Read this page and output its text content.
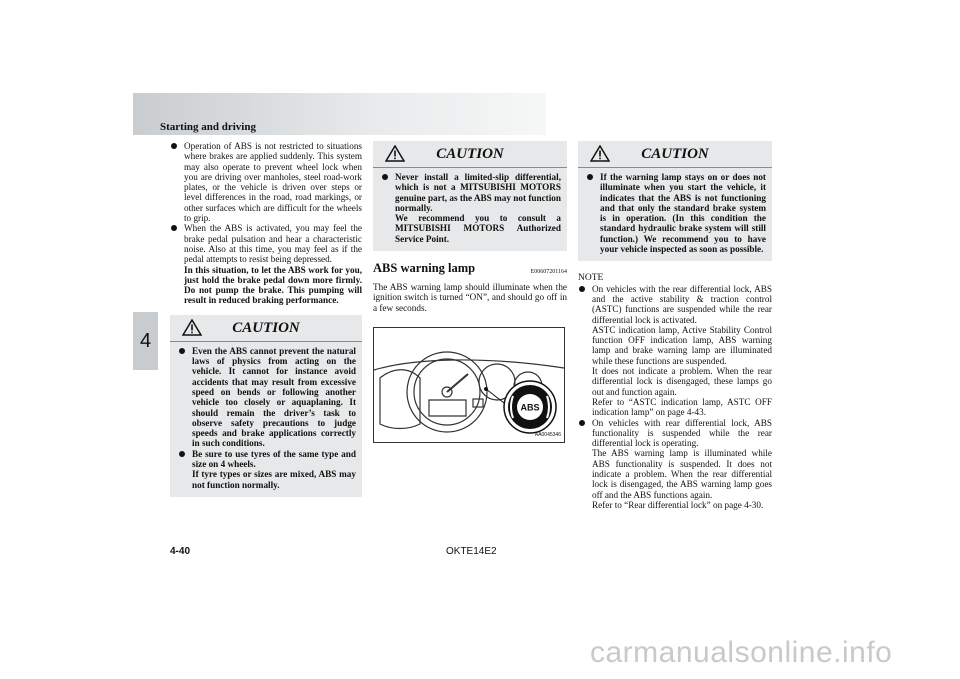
Starting and driving
4
Operation of ABS is not restricted to situations where brakes are applied suddenly. This system may also operate to prevent wheel lock when you are driving over manholes, steel road-work plates, or the vehicle is driven over steps or level differences in the road, road markings, or other surfaces which are difficult for the wheels to grip.
When the ABS is activated, you may feel the brake pedal pulsation and hear a characteristic noise. Also at this time, you may feel as if the pedal attempts to resist being depressed.
In this situation, to let the ABS work for you, just hold the brake pedal down more firmly. Do not pump the brake. This pumping will result in reduced braking performance.
CAUTION
Even the ABS cannot prevent the natural laws of physics from acting on the vehicle. It cannot for instance avoid accidents that may result from excessive speed on bends or following another vehicle too closely or aquaplaning. It should remain the driver’s task to observe safety precautions to judge speeds and brake applications correctly in such conditions.
Be sure to use tyres of the same type and size on 4 wheels.
If tyre types or sizes are mixed, ABS may not function normally.
CAUTION
Never install a limited-slip differential, which is not a MITSUBISHI MOTORS genuine part, as the ABS may not function normally.
We recommend you to consult a MITSUBISHI MOTORS Authorized Service Point.
ABS warning lamp	E00607201164
The ABS warning lamp should illuminate when the ignition switch is turned “ON”, and should go off in a few seconds.
ABS
AA0045346
CAUTION
If the warning lamp stays on or does not illuminate when you start the vehicle, it indicates that the ABS is not functioning and that only the standard brake system is in operation. (In this condition the standard hydraulic brake system will still function.) We recommend you to have your vehicle inspected as soon as possible.
NOTE
On vehicles with the rear differential lock, ABS and the active stability & traction control (ASTC) functions are suspended while the rear differential lock is activated.
ASTC indication lamp, Active Stability Control function OFF indication lamp, ABS warning lamp and brake warning lamp are illuminated while these functions are suspended.
It does not indicate a problem. When the rear differential lock is disengaged, these lamps go out and function again.
Refer to “ASTC indication lamp, ASTC OFF indication lamp” on page 4-43.
On vehicles with rear differential lock, ABS functionality is suspended while the rear differential lock is operating.
The ABS warning lamp is illuminated while ABS functionality is suspended. It does not indicate a problem. When the rear differential lock is disengaged, the ABS warning lamp goes off and the ABS functions again.
Refer to “Rear differential lock” on page 4-30.
4-40	OKTE14E2
carmanualsonline.info
